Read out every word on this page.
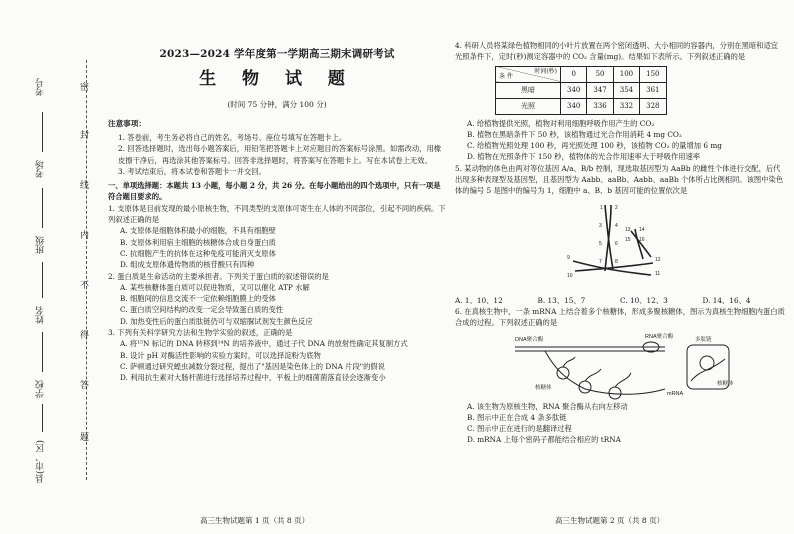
考号
考场
班级
姓名
学校
县(市、区)
密
封
线
内
不
得
答
题
2023—2024 学年度第一学期高三期末调研考试
生 物 试 题
(时间 75 分钟，满分 100 分)
注意事项：

1. 答卷前，考生务必将自己的姓名、考场号、座位号填写在答题卡上。

2. 回答选择题时，选出每小题答案后，用铅笔把答题卡上对应题目的答案标号涂黑。如需改动，用橡皮擦干净后，再选涂其他答案标号。回答非选择题时，将答案写在答题卡上。写在本试卷上无效。

3. 考试结束后，将本试卷和答题卡一并交回。

一、单项选择题：本题共 13 小题，每小题 2 分，共 26 分。在每小题给出的四个选项中，只有一项是符合题目要求的。

1. 支原体是目前发现的最小原核生物，不同类型的支原体可寄生在人体的不同部位，引起不同的疾病。下列叙述正确的是

A. 支原体是细胞体积最小的细胞，不具有细胞壁

B. 支原体利用宿主细胞的核糖体合成自身蛋白质

C. 抗细胞产生的抗体在这种免疫可能消灭支原体

D. 组成支原体遗传物质的核苷酸只有四种

2. 蛋白质是生命活动的主要承担者。下列关于蛋白质的叙述错误的是

A. 某些核糖体蛋白质可以促进物质，又可以催化 ATP 水解

B. 细胞间的信息交流不一定依赖细胞膜上的受体

C. 蛋白质空间结构的改变一定会导致蛋白质的变性

D. 加热变性后的蛋白质肽链仍可与双缩脲试剂发生颜色反应

3. 下列有关科学研究方法和生物学实验的叙述，正确的是

A. 将¹⁵N 标记的 DNA 转移到¹⁴N 的培养液中，通过子代 DNA 的放射性确定其复制方式

B. 设计 pH 对酶活性影响的实验方案时，可以选择淀粉为底物

C. 萨顿通过研究蝗虫减数分裂过程，提出了"基因是染色体上的 DNA 片段"的假说

D. 利用抗生素对大肠杆菌进行选择培养过程中，平板上的细菌菌落直径会逐渐变小

4. 科研人员将某绿色植物相同的小叶片放置在两个密闭透明、大小相同的容器内，分别在黑暗和适宜光照条件下，定时(秒)测定容器中的 CO₂ 含量(mg)。结果如下表所示。下列叙述正确的是

时间(秒)
条 件	0	50	100	150
黑暗	340	347	354	361
光照	340	336	332	328

A. 给植物提供光照，植物对利用细胞呼吸作用产生的 CO₂

B. 植物在黑暗条件下 50 秒，该植物通过光合作用消耗 4 mg CO₂

C. 给植物光照处理 100 秒，再光照处理 100 秒，该植物 CO₂ 的量增加 6 mg

D. 植物在光照条件下 150 秒，植物体的光合作用速率大于呼吸作用速率

5. 某动物的体色由两对等位基因 A/a、B/b 控制，现选取基因型为 AaBb 的雌性个体进行交配，后代出现多种表现型及基因型，且基因型为 Aabb、aaBb、Aabb、aaBb 个体所占比例相同。该图中染色体的编号 5 是图中的编号为 1，细胞中 a、B、b 基因可能的位置依次是

1 2
3	4
5	6
7	8
9
10	11
12
13 14
15 16
A. 1、10、12	B. 13、15、7	C. 10、12、3	D. 14、16、4

6. 在真核生物中，一条 mRNA 上结合着多个核糖体，形成多聚核糖体，图示为真核生物细胞内蛋白质合成的过程。下列叙述正确的是

DNA聚合酶	RNA聚合酶	多肽链
核糖体
核糖体
mRNA

A. 该生物为原核生物，RNA 聚合酶从右向左移动

B. 图示中正在合成 4 条多肽链

C. 图示中正在进行的是翻译过程

D. mRNA 上每个密码子都能结合相应的 tRNA

高三生物试题第 1 页（共 8 页）	高三生物试题第 2 页（共 8 页）
